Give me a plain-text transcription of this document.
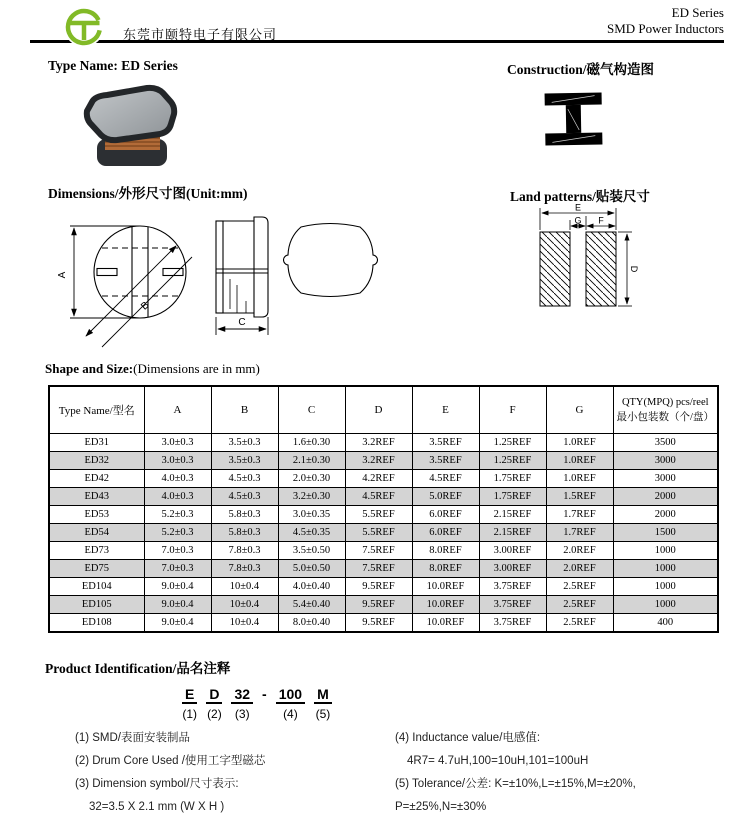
东莞市颐特电子有限公司
ED Series
SMD Power Inductors
Type Name: ED Series	Construction/磁气构造图
Dimensions/外形尺寸图(Unit:mm)
A
B
C
Land patterns/贴装尺寸
E
G F
D
Shape and Size:(Dimensions are in mm)
Type Name/型名	A	B	C	D	E	F	G	QTY(MPQ) pcs/reel
最小包装数（个/盘）

ED31	3.0±0.3	3.5±0.3	1.6±0.30	3.2REF	3.5REF	1.25REF	1.0REF	3500
ED32	3.0±0.3	3.5±0.3	2.1±0.30	3.2REF	3.5REF	1.25REF	1.0REF	3000
ED42	4.0±0.3	4.5±0.3	2.0±0.30	4.2REF	4.5REF	1.75REF	1.0REF	3000
ED43	4.0±0.3	4.5±0.3	3.2±0.30	4.5REF	5.0REF	1.75REF	1.5REF	2000
ED53	5.2±0.3	5.8±0.3	3.0±0.35	5.5REF	6.0REF	2.15REF	1.7REF	2000
ED54	5.2±0.3	5.8±0.3	4.5±0.35	5.5REF	6.0REF	2.15REF	1.7REF	1500
ED73	7.0±0.3	7.8±0.3	3.5±0.50	7.5REF	8.0REF	3.00REF	2.0REF	1000
ED75	7.0±0.3	7.8±0.3	5.0±0.50	7.5REF	8.0REF	3.00REF	2.0REF	1000
ED104	9.0±0.4	10±0.4	4.0±0.40	9.5REF	10.0REF	3.75REF	2.5REF	1000
ED105	9.0±0.4	10±0.4	5.4±0.40	9.5REF	10.0REF	3.75REF	2.5REF	1000
ED108	9.0±0.4	10±0.4	8.0±0.40	9.5REF	10.0REF	3.75REF	2.5REF	400
Product Identification/品名注释
E
(1)
D
(2)
32
(3)
- 100
(4)
M
(5)
(1) SMD/表面安装制品
(2) Drum Core Used /使用工字型磁芯
(3) Dimension symbol/尺寸表示:
32=3.5 X 2.1 mm (W X H )
(4) Inductance value/电感值:
4R7= 4.7uH,100=10uH,101=100uH
(5) Tolerance/公差: K=±10%,L=±15%,M=±20%,
P=±25%,N=±30%
